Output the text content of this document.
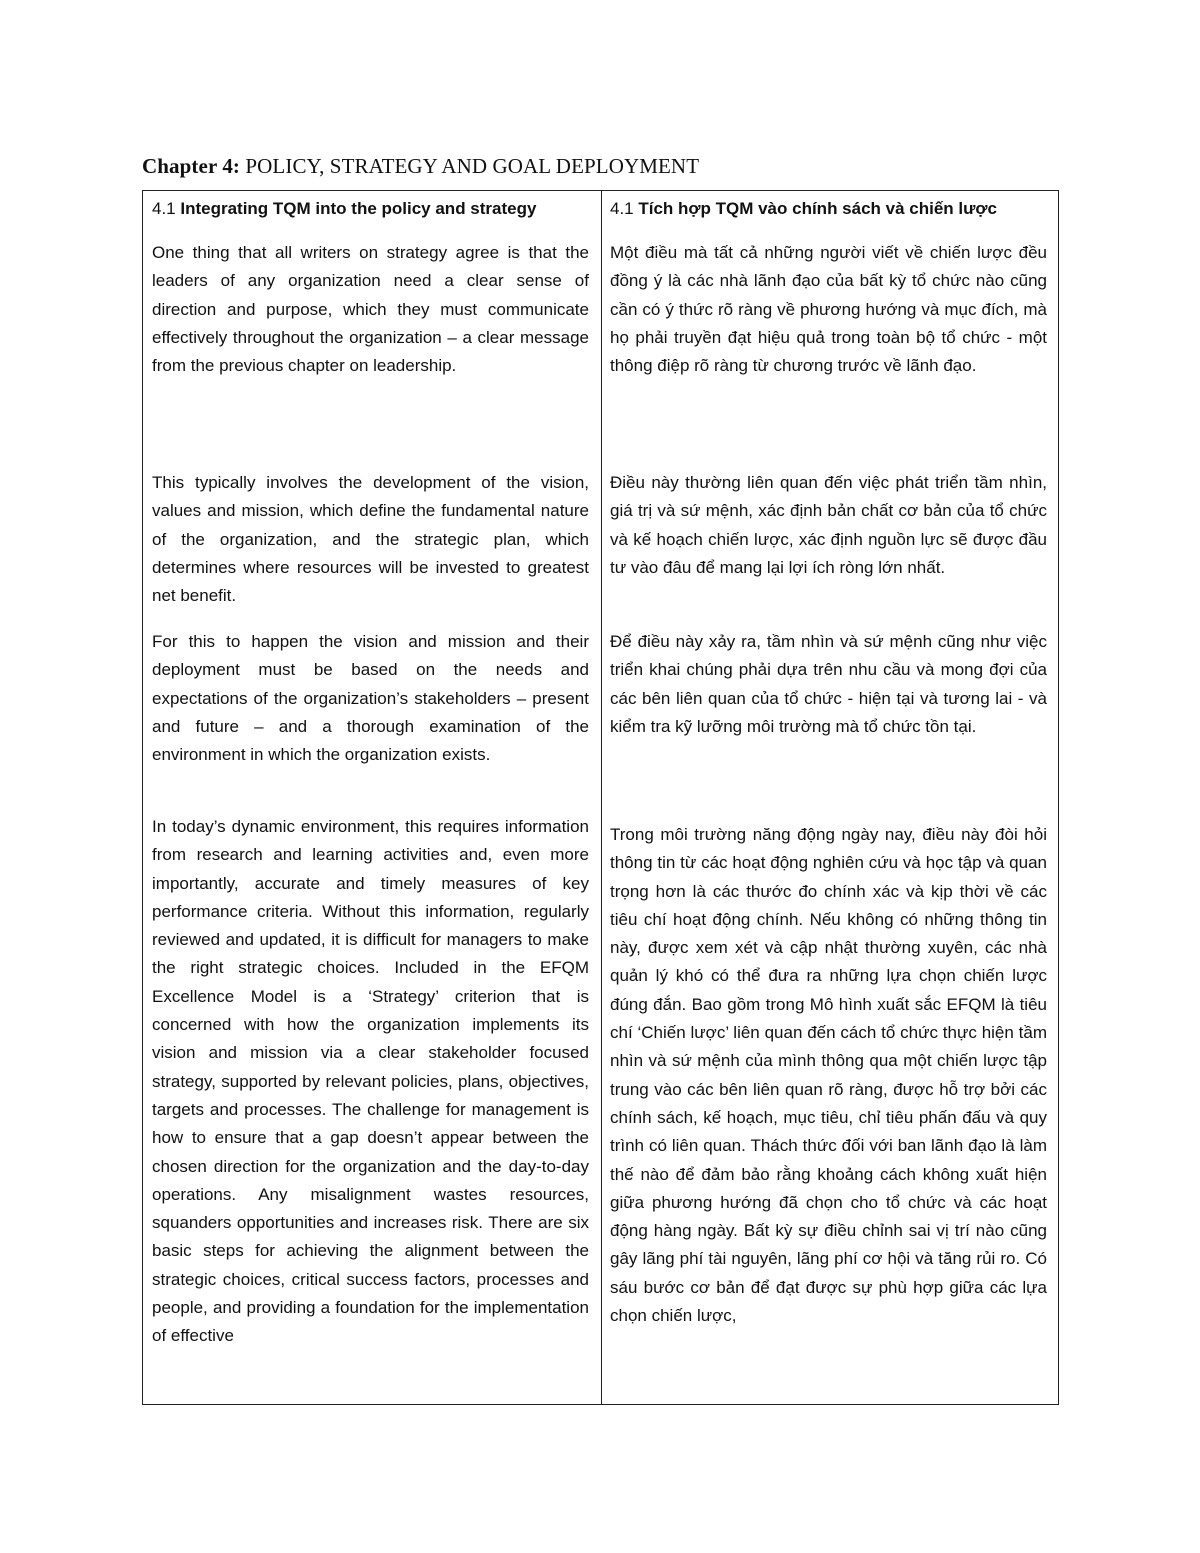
Chapter 4: POLICY, STRATEGY AND GOAL DEPLOYMENT
4.1 Integrating TQM into the policy and strategy	4.1 Tích hợp TQM vào chính sách và chiến lược

One thing that all writers on strategy agree is that the leaders of any organization need a clear sense of direction and purpose, which they must communicate effectively throughout the organization – a clear message from the previous chapter on leadership.

Một điều mà tất cả những người viết về chiến lược đều đồng ý là các nhà lãnh đạo của bất kỳ tổ chức nào cũng cần có ý thức rõ ràng về phương hướng và mục đích, mà họ phải truyền đạt hiệu quả trong toàn bộ tổ chức - một thông điệp rõ ràng từ chương trước về lãnh đạo.

This typically involves the development of the vision, values and mission, which define the fundamental nature of the organization, and the strategic plan, which determines where resources will be invested to greatest net benefit.

Điều này thường liên quan đến việc phát triển tầm nhìn, giá trị và sứ mệnh, xác định bản chất cơ bản của tổ chức và kế hoạch chiến lược, xác định nguồn lực sẽ được đầu tư vào đâu để mang lại lợi ích ròng lớn nhất.

For this to happen the vision and mission and their deployment must be based on the needs and expectations of the organization’s stakeholders – present and future – and a thorough examination of the environment in which the organization exists.

Để điều này xảy ra, tầm nhìn và sứ mệnh cũng như việc triển khai chúng phải dựa trên nhu cầu và mong đợi của các bên liên quan của tổ chức - hiện tại và tương lai - và kiểm tra kỹ lưỡng môi trường mà tổ chức tồn tại.

In today’s dynamic environment, this requires information from research and learning activities and, even more importantly, accurate and timely measures of key performance criteria. Without this information, regularly reviewed and updated, it is difficult for managers to make the right strategic choices. Included in the EFQM Excellence Model is a ‘Strategy’ criterion that is concerned with how the organization implements its vision and mission via a clear stakeholder focused strategy, supported by relevant policies, plans, objectives, targets and processes. The challenge for management is how to ensure that a gap doesn’t appear between the chosen direction for the organization and the day-to-day operations. Any misalignment wastes resources, squanders opportunities and increases risk. There are six basic steps for achieving the alignment between the strategic choices, critical success factors, processes and people, and providing a foundation for the implementation of effective

Trong môi trường năng động ngày nay, điều này đòi hỏi thông tin từ các hoạt động nghiên cứu và học tập và quan trọng hơn là các thước đo chính xác và kịp thời về các tiêu chí hoạt động chính. Nếu không có những thông tin này, được xem xét và cập nhật thường xuyên, các nhà quản lý khó có thể đưa ra những lựa chọn chiến lược đúng đắn. Bao gồm trong Mô hình xuất sắc EFQM là tiêu chí ‘Chiến lược’ liên quan đến cách tổ chức thực hiện tầm nhìn và sứ mệnh của mình thông qua một chiến lược tập trung vào các bên liên quan rõ ràng, được hỗ trợ bởi các chính sách, kế hoạch, mục tiêu, chỉ tiêu phấn đấu và quy trình có liên quan. Thách thức đối với ban lãnh đạo là làm thế nào để đảm bảo rằng khoảng cách không xuất hiện giữa phương hướng đã chọn cho tổ chức và các hoạt động hàng ngày. Bất kỳ sự điều chỉnh sai vị trí nào cũng gây lãng phí tài nguyên, lãng phí cơ hội và tăng rủi ro. Có sáu bước cơ bản để đạt được sự phù hợp giữa các lựa chọn chiến lược,
